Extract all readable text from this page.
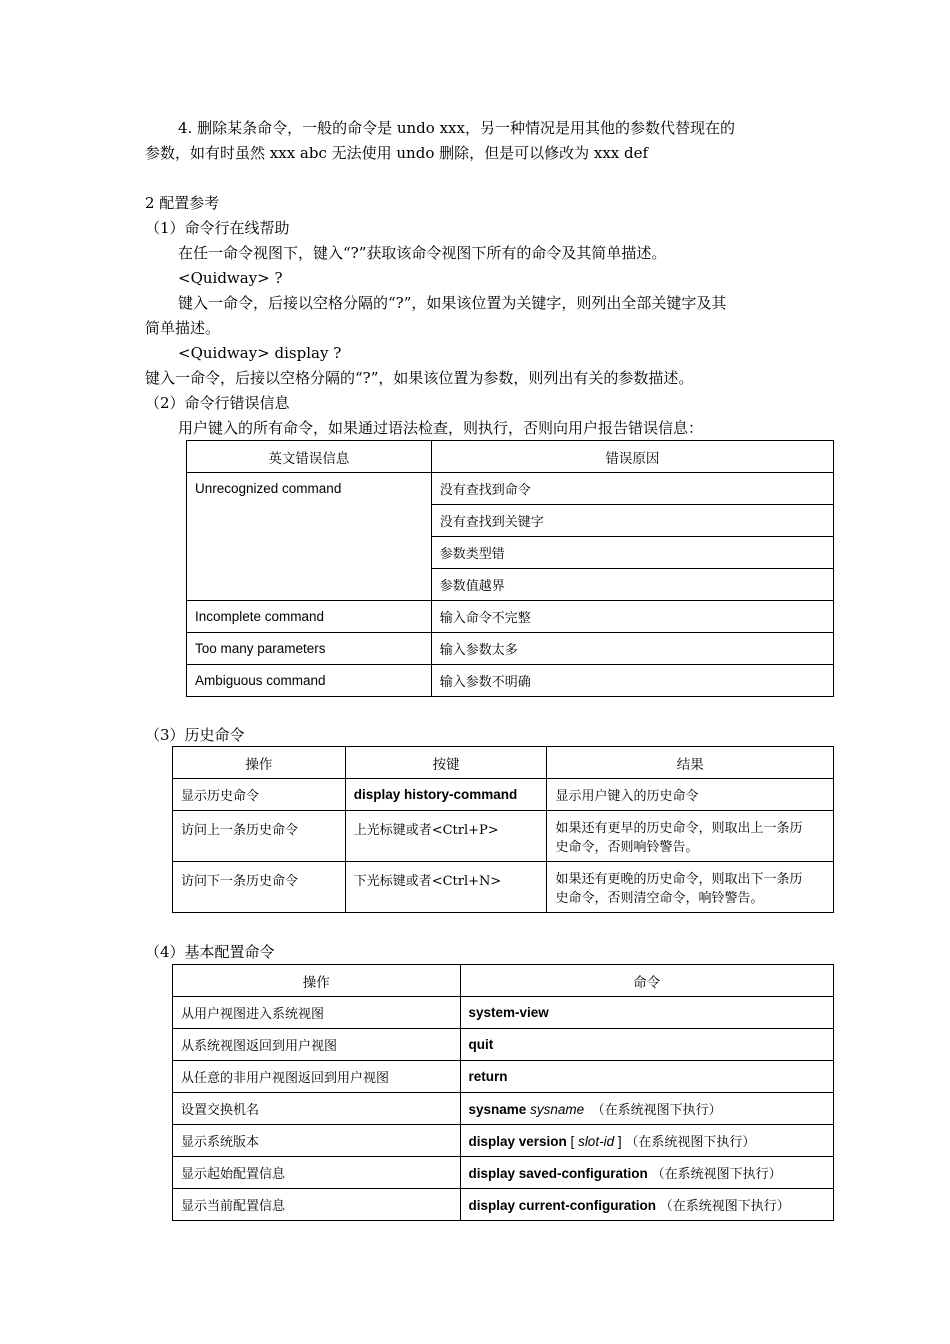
4. 删除某条命令，一般的命令是 undo xxx，另一种情况是用其他的参数代替现在的
参数，如有时虽然 xxx abc 无法使用 undo 删除，但是可以修改为 xxx def
2 配置参考
（1）命令行在线帮助
在任一命令视图下，键入“?”获取该命令视图下所有的命令及其简单描述。
<Quidway> ?
键入一命令，后接以空格分隔的“?”，如果该位置为关键字，则列出全部关键字及其
简单描述。
<Quidway> display ?
键入一命令，后接以空格分隔的“?”，如果该位置为参数，则列出有关的参数描述。
（2）命令行错误信息
用户键入的所有命令，如果通过语法检查，则执行，否则向用户报告错误信息：
英文错误信息	错误原因
Unrecognized command	没有查找到命令
	没有查找到关键字
	参数类型错
	参数值越界
Incomplete command	输入命令不完整
Too many parameters	输入参数太多
Ambiguous command	输入参数不明确
（3）历史命令
操作	按键	结果
显示历史命令	display history-command	显示用户键入的历史命令
访问上一条历史命令	上光标键或者<Ctrl+P>	如果还有更早的历史命令，则取出上一条历
史命令，否则响铃警告。

访问下一条历史命令	下光标键或者<Ctrl+N>	如果还有更晚的历史命令，则取出下一条历
史命令，否则清空命令，响铃警告。
（4）基本配置命令
操作	命令
从用户视图进入系统视图	system-view
从系统视图返回到用户视图	quit
从任意的非用户视图返回到用户视图	return
设置交换机名	sysname sysname （在系统视图下执行）
显示系统版本	display version [ slot-id ] （在系统视图下执行）
显示起始配置信息	display saved-configuration （在系统视图下执行）
显示当前配置信息	display current-configuration （在系统视图下执行）
